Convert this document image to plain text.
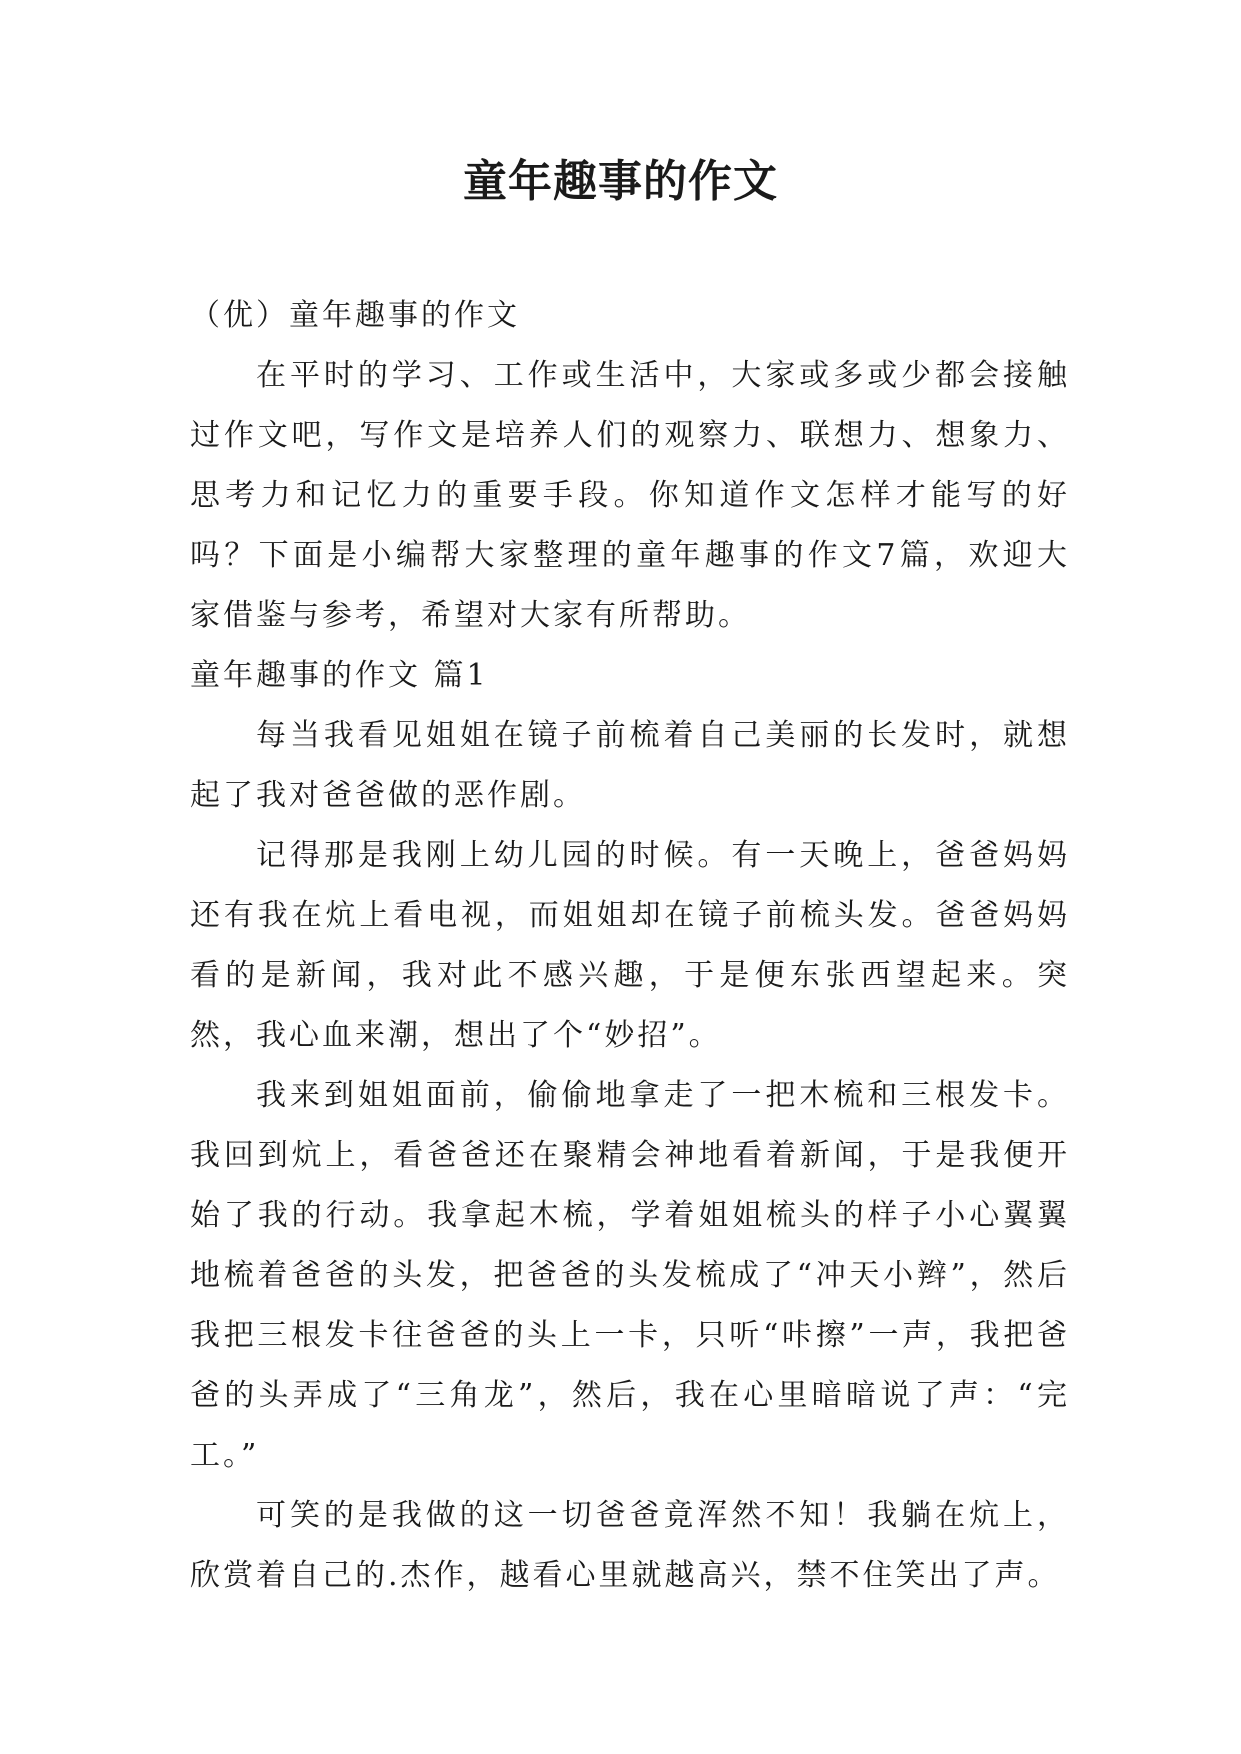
童年趣事的作文

（优）童年趣事的作文

在平时的学习、工作或生活中，大家或多或少都会接触过作文吧，写作文是培养人们的观察力、联想力、想象力、思考力和记忆力的重要手段。你知道作文怎样才能写的好吗？下面是小编帮大家整理的童年趣事的作文7篇，欢迎大家借鉴与参考，希望对大家有所帮助。

童年趣事的作文 篇1

每当我看见姐姐在镜子前梳着自己美丽的长发时，就想起了我对爸爸做的恶作剧。

记得那是我刚上幼儿园的时候。有一天晚上，爸爸妈妈还有我在炕上看电视，而姐姐却在镜子前梳头发。爸爸妈妈看的是新闻，我对此不感兴趣，于是便东张西望起来。突然，我心血来潮，想出了个“妙招”。

我来到姐姐面前，偷偷地拿走了一把木梳和三根发卡。我回到炕上，看爸爸还在聚精会神地看着新闻，于是我便开始了我的行动。我拿起木梳，学着姐姐梳头的样子小心翼翼地梳着爸爸的头发，把爸爸的头发梳成了“冲天小辫”，然后我把三根发卡往爸爸的头上一卡，只听“咔擦”一声，我把爸爸的头弄成了“三角龙”，然后，我在心里暗暗说了声：“完工。”

可笑的是我做的这一切爸爸竟浑然不知！我躺在炕上，欣赏着自己的.杰作，越看心里就越高兴，禁不住笑出了声。
